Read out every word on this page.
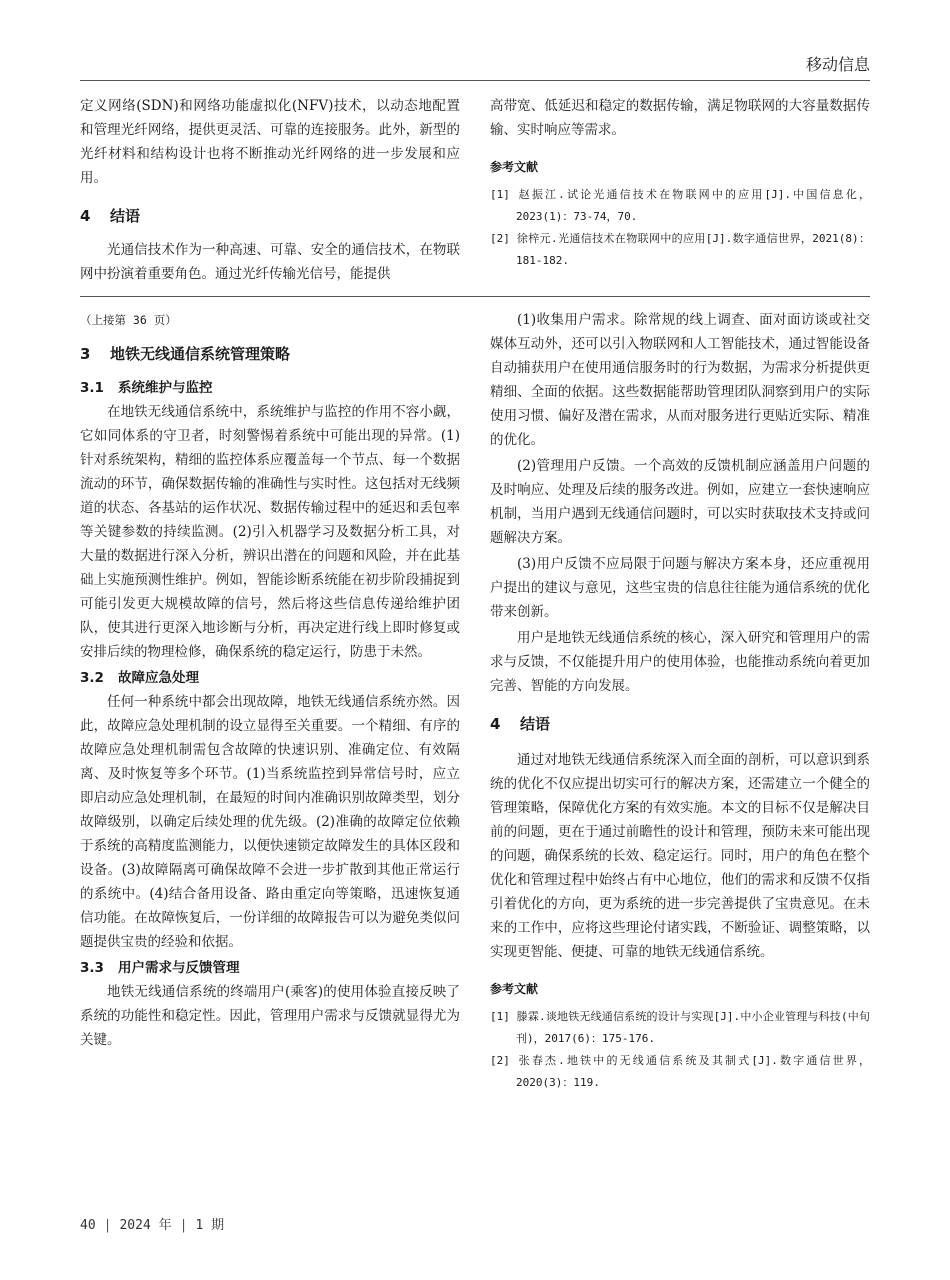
移动信息

定义网络(SDN)和网络功能虚拟化(NFV)技术，以动态地配置和管理光纤网络，提供更灵活、可靠的连接服务。此外，新型的光纤材料和结构设计也将不断推动光纤网络的进一步发展和应用。

4 结语

光通信技术作为一种高速、可靠、安全的通信技术，在物联网中扮演着重要角色。通过光纤传输光信号，能提供

高带宽、低延迟和稳定的数据传输，满足物联网的大容量数据传输、实时响应等需求。

参考文献

[1] 赵振江.试论光通信技术在物联网中的应用[J].中国信息化，2023(1)：73-74，70.

[2] 徐梓元.光通信技术在物联网中的应用[J].数字通信世界，2021(8)：181-182.

（上接第 36 页）

3 地铁无线通信系统管理策略

3.1 系统维护与监控

在地铁无线通信系统中，系统维护与监控的作用不容小觑，它如同体系的守卫者，时刻警惕着系统中可能出现的异常。(1)针对系统架构，精细的监控体系应覆盖每一个节点、每一个数据流动的环节，确保数据传输的准确性与实时性。这包括对无线频道的状态、各基站的运作状况、数据传输过程中的延迟和丢包率等关键参数的持续监测。(2)引入机器学习及数据分析工具，对大量的数据进行深入分析，辨识出潜在的问题和风险，并在此基础上实施预测性维护。例如，智能诊断系统能在初步阶段捕捉到可能引发更大规模故障的信号，然后将这些信息传递给维护团队，使其进行更深入地诊断与分析，再决定进行线上即时修复或安排后续的物理检修，确保系统的稳定运行，防患于未然。

3.2 故障应急处理

任何一种系统中都会出现故障，地铁无线通信系统亦然。因此，故障应急处理机制的设立显得至关重要。一个精细、有序的故障应急处理机制需包含故障的快速识别、准确定位、有效隔离、及时恢复等多个环节。(1)当系统监控到异常信号时，应立即启动应急处理机制，在最短的时间内准确识别故障类型，划分故障级别，以确定后续处理的优先级。(2)准确的故障定位依赖于系统的高精度监测能力，以便快速锁定故障发生的具体区段和设备。(3)故障隔离可确保故障不会进一步扩散到其他正常运行的系统中。(4)结合备用设备、路由重定向等策略，迅速恢复通信功能。在故障恢复后，一份详细的故障报告可以为避免类似问题提供宝贵的经验和依据。

3.3 用户需求与反馈管理

地铁无线通信系统的终端用户(乘客)的使用体验直接反映了系统的功能性和稳定性。因此，管理用户需求与反馈就显得尤为关键。

(1)收集用户需求。除常规的线上调查、面对面访谈或社交媒体互动外，还可以引入物联网和人工智能技术，通过智能设备自动捕获用户在使用通信服务时的行为数据，为需求分析提供更精细、全面的依据。这些数据能帮助管理团队洞察到用户的实际使用习惯、偏好及潜在需求，从而对服务进行更贴近实际、精准的优化。

(2)管理用户反馈。一个高效的反馈机制应涵盖用户问题的及时响应、处理及后续的服务改进。例如，应建立一套快速响应机制，当用户遇到无线通信问题时，可以实时获取技术支持或问题解决方案。

(3)用户反馈不应局限于问题与解决方案本身，还应重视用户提出的建议与意见，这些宝贵的信息往往能为通信系统的优化带来创新。

用户是地铁无线通信系统的核心，深入研究和管理用户的需求与反馈，不仅能提升用户的使用体验，也能推动系统向着更加完善、智能的方向发展。

4 结语

通过对地铁无线通信系统深入而全面的剖析，可以意识到系统的优化不仅应提出切实可行的解决方案，还需建立一个健全的管理策略，保障优化方案的有效实施。本文的目标不仅是解决目前的问题，更在于通过前瞻性的设计和管理，预防未来可能出现的问题，确保系统的长效、稳定运行。同时，用户的角色在整个优化和管理过程中始终占有中心地位，他们的需求和反馈不仅指引着优化的方向，更为系统的进一步完善提供了宝贵意见。在未来的工作中，应将这些理论付诸实践，不断验证、调整策略，以实现更智能、便捷、可靠的地铁无线通信系统。

参考文献

[1] 滕霖.谈地铁无线通信系统的设计与实现[J].中小企业管理与科技(中旬刊)，2017(6)：175-176.

[2] 张春杰.地铁中的无线通信系统及其制式[J].数字通信世界，2020(3)：119.

40 | 2024 年 | 1 期
